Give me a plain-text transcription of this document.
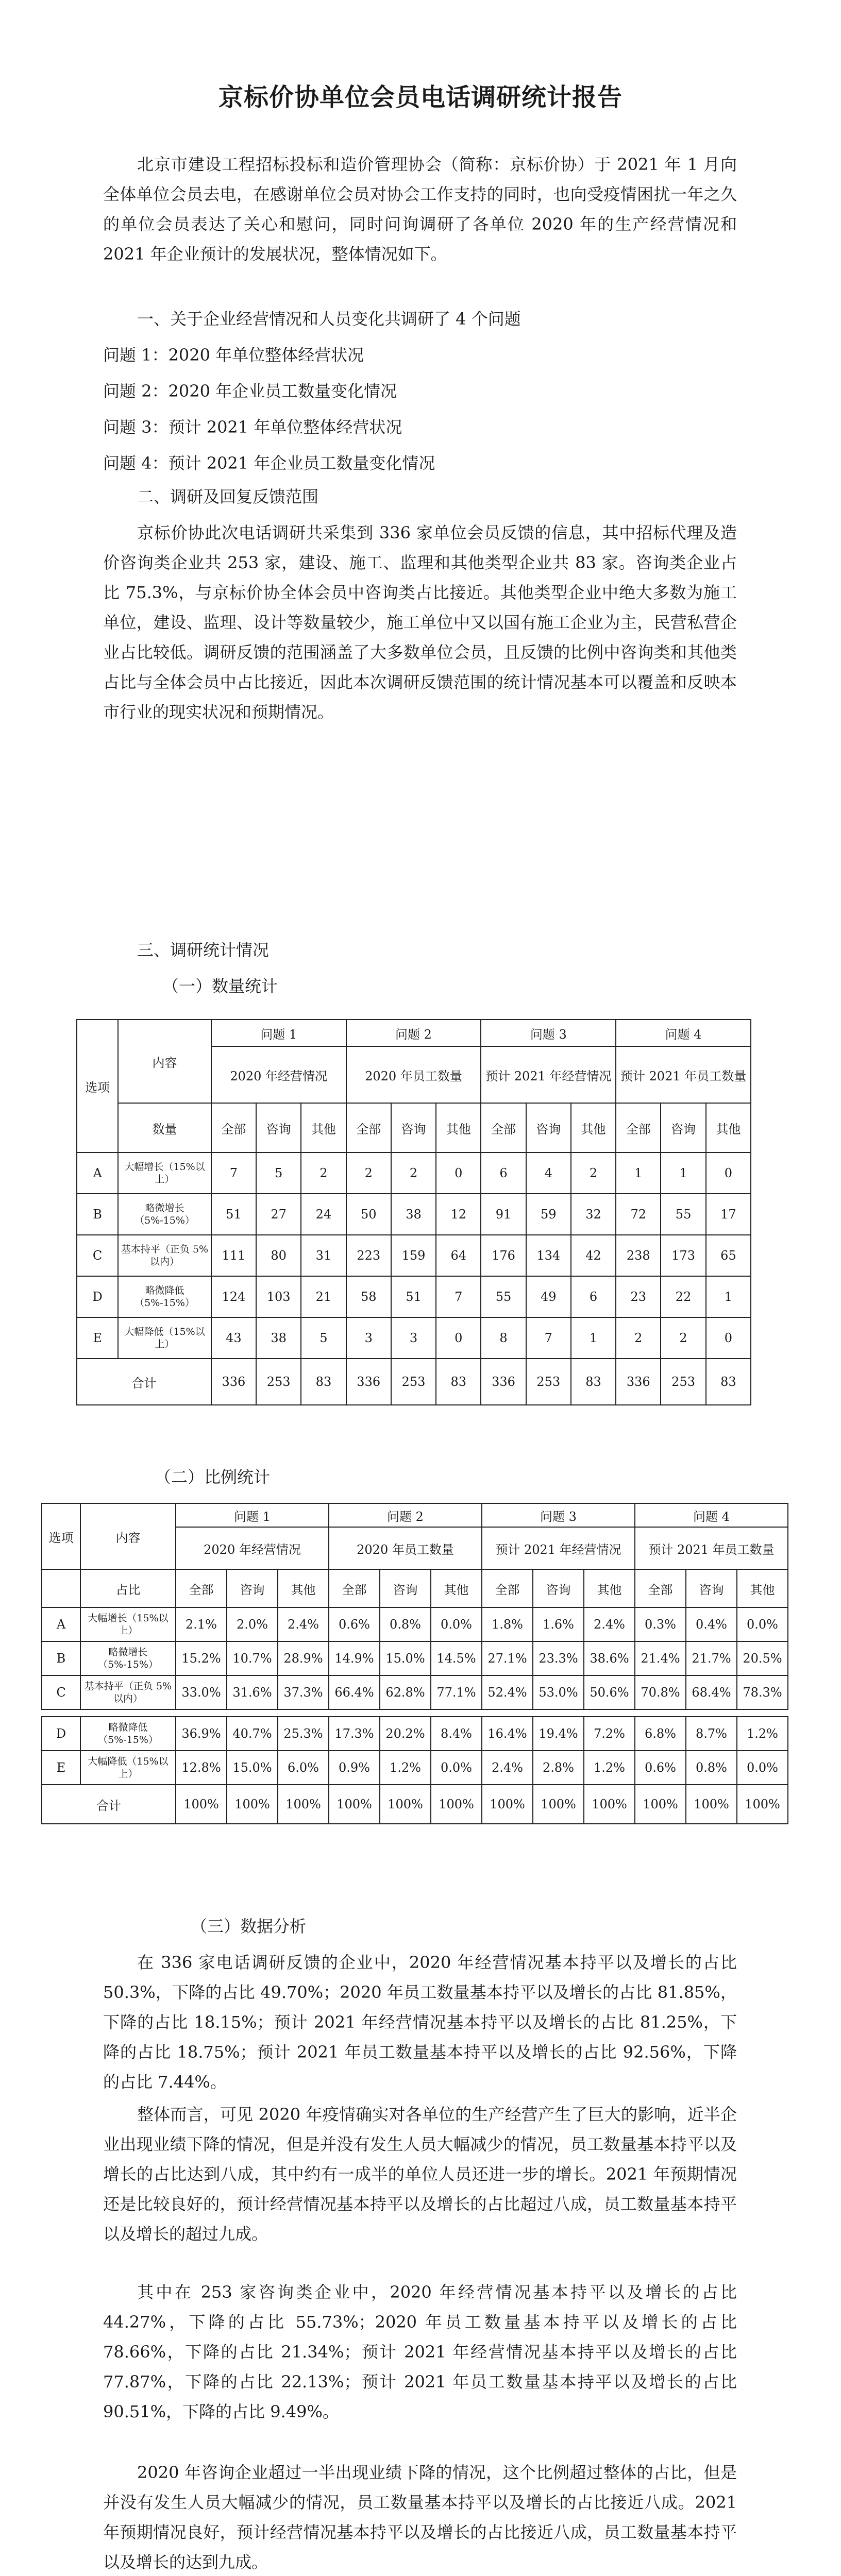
京标价协单位会员电话调研统计报告

北京市建设工程招标投标和造价管理协会（简称：京标价协）于 2021 年 1 月向全体单位会员去电，在感谢单位会员对协会工作支持的同时，也向受疫情困扰一年之久的单位会员表达了关心和慰问，同时问询调研了各单位 2020 年的生产经营情况和 2021 年企业预计的发展状况，整体情况如下。

一、关于企业经营情况和人员变化共调研了 4 个问题

问题 1：2020 年单位整体经营状况

问题 2：2020 年企业员工数量变化情况

问题 3：预计 2021 年单位整体经营状况

问题 4：预计 2021 年企业员工数量变化情况

二、调研及回复反馈范围

京标价协此次电话调研共采集到 336 家单位会员反馈的信息，其中招标代理及造价咨询类企业共 253 家，建设、施工、监理和其他类型企业共 83 家。咨询类企业占比 75.3%，与京标价协全体会员中咨询类占比接近。其他类型企业中绝大多数为施工单位，建设、监理、设计等数量较少，施工单位中又以国有施工企业为主，民营私营企业占比较低。调研反馈的范围涵盖了大多数单位会员，且反馈的比例中咨询类和其他类占比与全体会员中占比接近，因此本次调研反馈范围的统计情况基本可以覆盖和反映本市行业的现实状况和预期情况。

三、调研统计情况

（一）数量统计

选项	内容	问题 1			问题 2			问题 3			问题 4		
		2020 年经营情况			2020 年员工数量			预计 2021 年经营情况			预计 2021 年员工数量		
	数量	全部	咨询	其他	全部	咨询	其他	全部	咨询	其他	全部	咨询	其他
A	大幅增长（15%以上）	7	5	2	2	2	0	6	4	2	1	1	0
B	略微增长（5%-15%）	51	27	24	50	38	12	91	59	32	72	55	17
C	基本持平（正负 5%以内）	111	80	31	223	159	64	176	134	42	238	173	65
D	略微降低（5%-15%）	124	103	21	58	51	7	55	49	6	23	22	1
E	大幅降低（15%以上）	43	38	5	3	3	0	8	7	1	2	2	0
合计		336	253	83	336	253	83	336	253	83	336	253	83

（二）比例统计

选项	内容	问题 1			问题 2			问题 3			问题 4		
		2020 年经营情况			2020 年员工数量			预计 2021 年经营情况			预计 2021 年员工数量		
	占比	全部	咨询	其他	全部	咨询	其他	全部	咨询	其他	全部	咨询	其他
A	大幅增长（15%以上）	2.1%	2.0%	2.4%	0.6%	0.8%	0.0%	1.8%	1.6%	2.4%	0.3%	0.4%	0.0%
B	略微增长（5%-15%）	15.2%	10.7%	28.9%	14.9%	15.0%	14.5%	27.1%	23.3%	38.6%	21.4%	21.7%	20.5%
C	基本持平（正负 5%以内）	33.0%	31.6%	37.3%	66.4%	62.8%	77.1%	52.4%	53.0%	50.6%	70.8%	68.4%	78.3%

D	略微降低（5%-15%）	36.9%	40.7%	25.3%	17.3%	20.2%	8.4%	16.4%	19.4%	7.2%	6.8%	8.7%	1.2%
E	大幅降低（15%以上）	12.8%	15.0%	6.0%	0.9%	1.2%	0.0%	2.4%	2.8%	1.2%	0.6%	0.8%	0.0%
合计		100%	100%	100%	100%	100%	100%	100%	100%	100%	100%	100%	100%

（三）数据分析

在 336 家电话调研反馈的企业中，2020 年经营情况基本持平以及增长的占比 50.3%，下降的占比 49.70%；2020 年员工数量基本持平以及增长的占比 81.85%，下降的占比 18.15%；预计 2021 年经营情况基本持平以及增长的占比 81.25%，下降的占比 18.75%；预计 2021 年员工数量基本持平以及增长的占比 92.56%，下降的占比 7.44%。

整体而言，可见 2020 年疫情确实对各单位的生产经营产生了巨大的影响，近半企业出现业绩下降的情况，但是并没有发生人员大幅减少的情况，员工数量基本持平以及增长的占比达到八成，其中约有一成半的单位人员还进一步的增长。2021 年预期情况还是比较良好的，预计经营情况基本持平以及增长的占比超过八成，员工数量基本持平以及增长的超过九成。

其中在 253 家咨询类企业中，2020 年经营情况基本持平以及增长的占比 44.27%，下降的占比 55.73%；2020 年员工数量基本持平以及增长的占比 78.66%，下降的占比 21.34%；预计 2021 年经营情况基本持平以及增长的占比 77.87%，下降的占比 22.13%；预计 2021 年员工数量基本持平以及增长的占比 90.51%，下降的占比 9.49%。

2020 年咨询企业超过一半出现业绩下降的情况，这个比例超过整体的占比，但是并没有发生人员大幅减少的情况，员工数量基本持平以及增长的占比接近八成。2021 年预期情况良好，预计经营情况基本持平以及增长的占比接近八成，员工数量基本持平以及增长的达到九成。
